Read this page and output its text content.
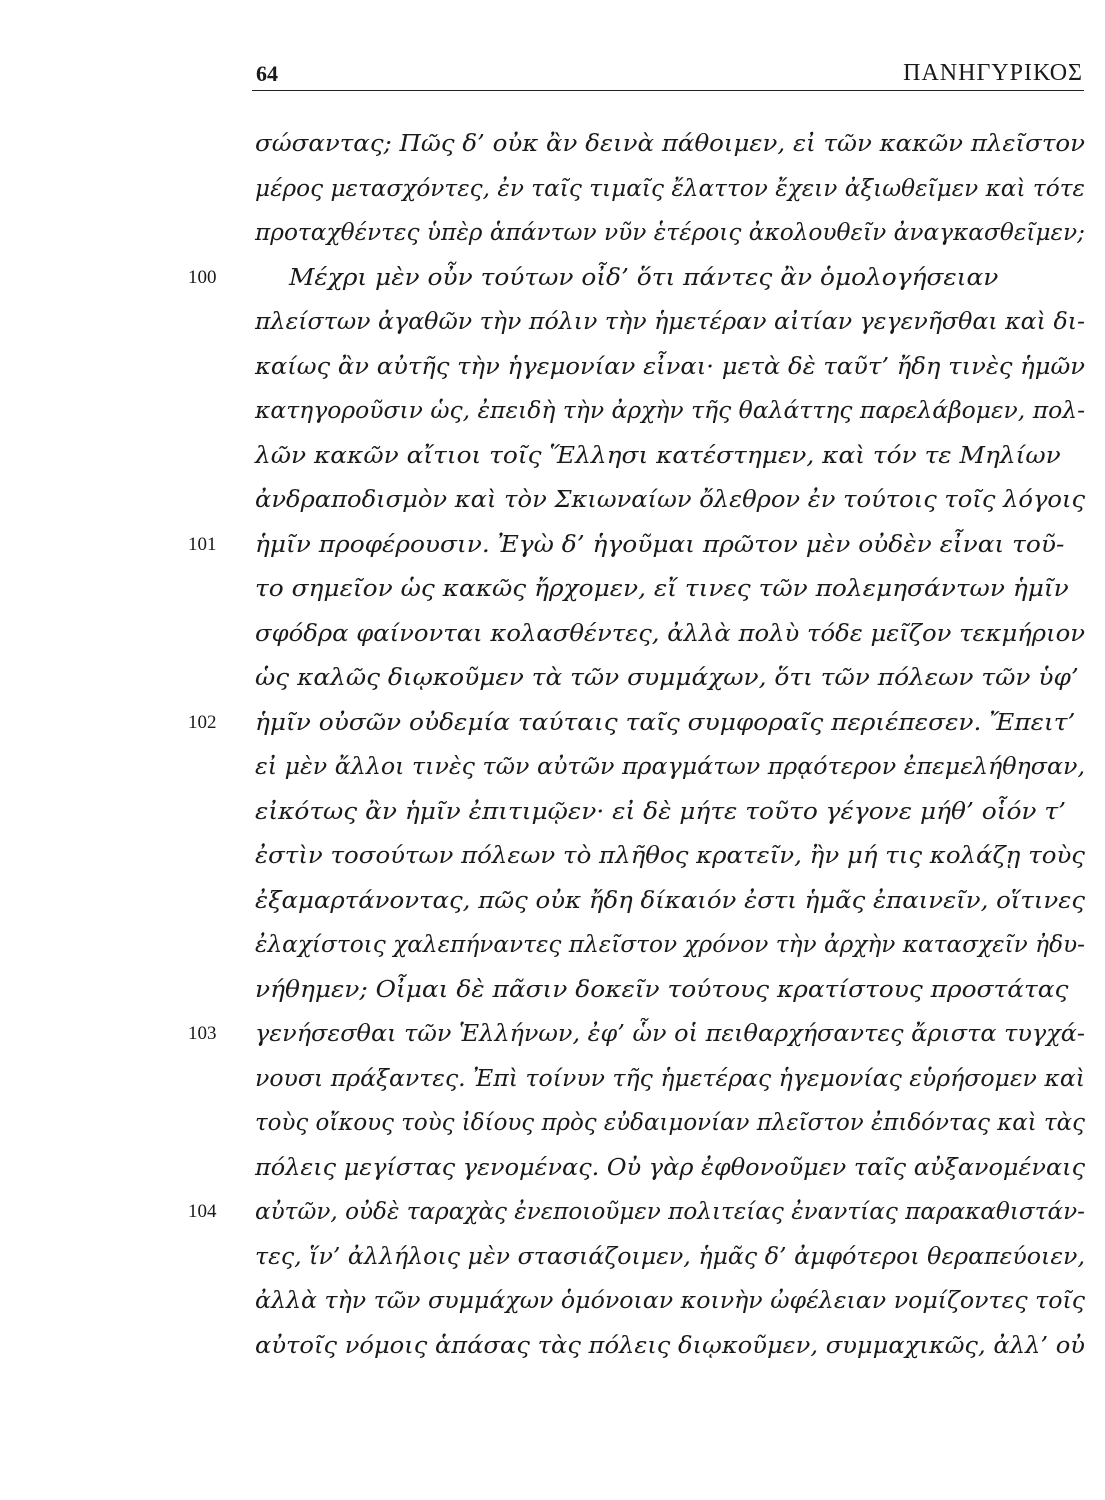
64	ΠΑΝΗΓΥΡΙΚΟΣ
100
101
102
103
104
σώσαντας; Πῶς δ’ οὐκ ἂν δεινὰ πάθοιμεν, εἰ τῶν κακῶν πλεῖστον
μέρος μετασχόντες, ἐν ταῖς τιμαῖς ἔλαττον ἔχειν ἀξιωθεῖμεν καὶ τότε
προταχθέντες ὑπὲρ ἁπάντων νῦν ἑτέροις ἀκολουθεῖν ἀναγκασθεῖμεν;
Μέχρι μὲν οὖν τούτων οἶδ’ ὅτι πάντες ἂν ὁμολογήσειαν
πλείστων ἀγαθῶν τὴν πόλιν τὴν ἡμετέραν αἰτίαν γεγενῆσθαι καὶ δι-
καίως ἂν αὐτῆς τὴν ἡγεμονίαν εἶναι· μετὰ δὲ ταῦτ’ ἤδη τινὲς ἡμῶν
κατηγοροῦσιν ὡς, ἐπειδὴ τὴν ἀρχὴν τῆς θαλάττης παρελάβομεν, πολ-
λῶν κακῶν αἴτιοι τοῖς Ἕλλησι κατέστημεν, καὶ τόν τε Μηλίων
ἀνδραποδισμὸν καὶ τὸν Σκιωναίων ὄλεθρον ἐν τούτοις τοῖς λόγοις
ἡμῖν προφέρουσιν. Ἐγὼ δ’ ἡγοῦμαι πρῶτον μὲν οὐδὲν εἶναι τοῦ-
το σημεῖον ὡς κακῶς ἤρχομεν, εἴ τινες τῶν πολεμησάντων ἡμῖν
σφόδρα φαίνονται κολασθέντες, ἀλλὰ πολὺ τόδε μεῖζον τεκμήριον
ὡς καλῶς διῳκοῦμεν τὰ τῶν συμμάχων, ὅτι τῶν πόλεων τῶν ὑφ’
ἡμῖν οὐσῶν οὐδεμία ταύταις ταῖς συμφοραῖς περιέπεσεν. Ἔπειτ’
εἰ μὲν ἄλλοι τινὲς τῶν αὐτῶν πραγμάτων πρᾳότερον ἐπεμελήθησαν,
εἰκότως ἂν ἡμῖν ἐπιτιμῷεν· εἰ δὲ μήτε τοῦτο γέγονε μήθ’ οἷόν τ’
ἐστὶν τοσούτων πόλεων τὸ πλῆθος κρατεῖν, ἢν μή τις κολάζῃ τοὺς
ἐξαμαρτάνοντας, πῶς οὐκ ἤδη δίκαιόν ἐστι ἡμᾶς ἐπαινεῖν, οἵτινες
ἐλαχίστοις χαλεπήναντες πλεῖστον χρόνον τὴν ἀρχὴν κατασχεῖν ἠδυ-
νήθημεν; Οἶμαι δὲ πᾶσιν δοκεῖν τούτους κρατίστους προστάτας
γενήσεσθαι τῶν Ἑλλήνων, ἐφ’ ὧν οἱ πειθαρχήσαντες ἄριστα τυγχά-
νουσι πράξαντες. Ἐπὶ τοίνυν τῆς ἡμετέρας ἡγεμονίας εὑρήσομεν καὶ
τοὺς οἴκους τοὺς ἰδίους πρὸς εὐδαιμονίαν πλεῖστον ἐπιδόντας καὶ τὰς
πόλεις μεγίστας γενομένας. Οὐ γὰρ ἐφθονοῦμεν ταῖς αὐξανομέναις
αὐτῶν, οὐδὲ ταραχὰς ἐνεποιοῦμεν πολιτείας ἐναντίας παρακαθιστάν-
τες, ἵν’ ἀλλήλοις μὲν στασιάζοιμεν, ἡμᾶς δ’ ἀμφότεροι θεραπεύοιεν,
ἀλλὰ τὴν τῶν συμμάχων ὁμόνοιαν κοινὴν ὠφέλειαν νομίζοντες τοῖς
αὐτοῖς νόμοις ἁπάσας τὰς πόλεις διῳκοῦμεν, συμμαχικῶς, ἀλλ’ οὐ
